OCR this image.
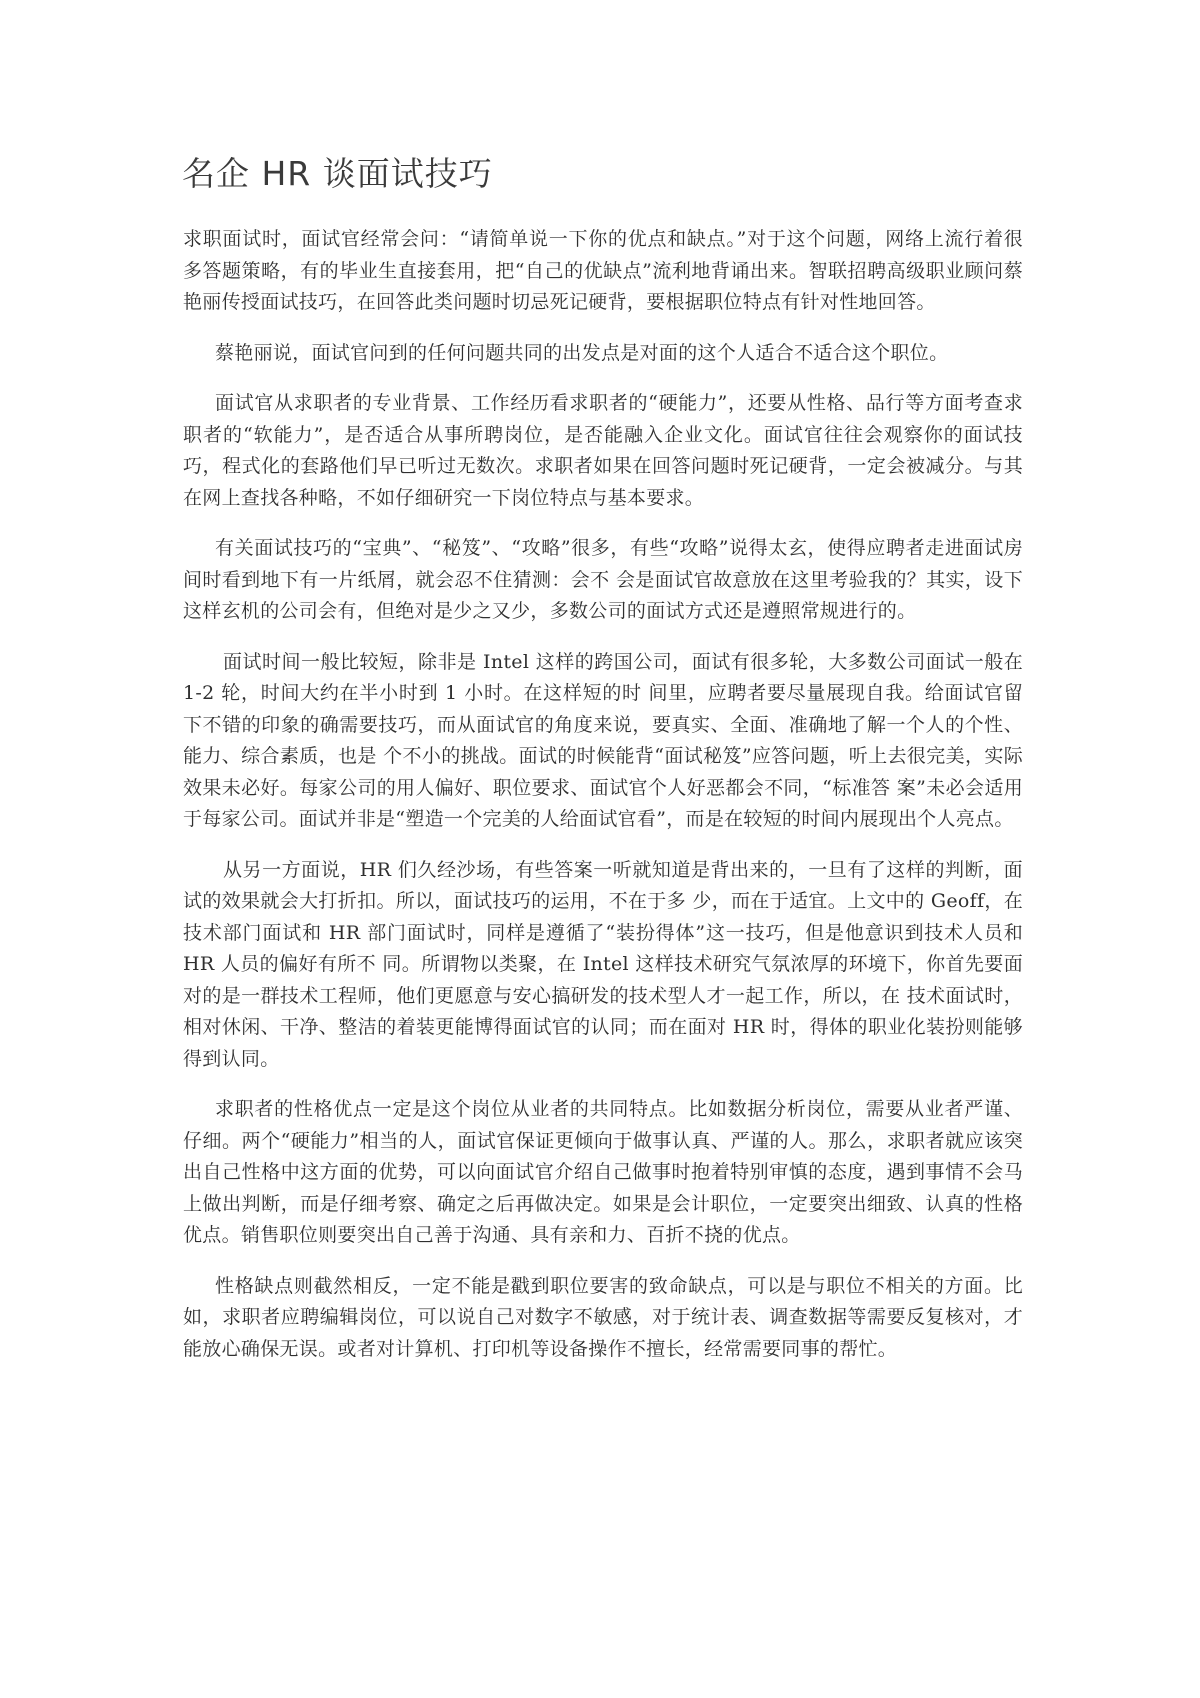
名企 HR 谈面试技巧

求职面试时，面试官经常会问：“请简单说一下你的优点和缺点。”对于这个问题，网络上流行着很多答题策略，有的毕业生直接套用，把“自己的优缺点”流利地背诵出来。智联招聘高级职业顾问蔡艳丽传授面试技巧，在回答此类问题时切忌死记硬背，要根据职位特点有针对性地回答。

蔡艳丽说，面试官问到的任何问题共同的出发点是对面的这个人适合不适合这个职位。

面试官从求职者的专业背景、工作经历看求职者的“硬能力”，还要从性格、品行等方面考查求职者的“软能力”，是否适合从事所聘岗位，是否能融入企业文化。面试官往往会观察你的面试技巧，程式化的套路他们早已听过无数次。求职者如果在回答问题时死记硬背，一定会被减分。与其在网上查找各种略，不如仔细研究一下岗位特点与基本要求。

有关面试技巧的“宝典”、“秘笈”、“攻略”很多，有些“攻略”说得太玄，使得应聘者走进面试房间时看到地下有一片纸屑，就会忍不住猜测：会不 会是面试官故意放在这里考验我的？其实，设下这样玄机的公司会有，但绝对是少之又少，多数公司的面试方式还是遵照常规进行的。

面试时间一般比较短，除非是 Intel 这样的跨国公司，面试有很多轮，大多数公司面试一般在 1-2 轮，时间大约在半小时到 1 小时。在这样短的时 间里，应聘者要尽量展现自我。给面试官留下不错的印象的确需要技巧，而从面试官的角度来说，要真实、全面、准确地了解一个人的个性、能力、综合素质，也是 个不小的挑战。面试的时候能背“面试秘笈”应答问题，听上去很完美，实际效果未必好。每家公司的用人偏好、职位要求、面试官个人好恶都会不同，“标准答 案”未必会适用于每家公司。面试并非是“塑造一个完美的人给面试官看”，而是在较短的时间内展现出个人亮点。

从另一方面说，HR 们久经沙场，有些答案一听就知道是背出来的，一旦有了这样的判断，面试的效果就会大打折扣。所以，面试技巧的运用，不在于多 少，而在于适宜。上文中的 Geoff，在技术部门面试和 HR 部门面试时，同样是遵循了“装扮得体”这一技巧，但是他意识到技术人员和 HR 人员的偏好有所不 同。所谓物以类聚，在 Intel 这样技术研究气氛浓厚的环境下，你首先要面对的是一群技术工程师，他们更愿意与安心搞研发的技术型人才一起工作，所以，在 技术面试时，相对休闲、干净、整洁的着装更能博得面试官的认同；而在面对 HR 时，得体的职业化装扮则能够得到认同。

求职者的性格优点一定是这个岗位从业者的共同特点。比如数据分析岗位，需要从业者严谨、仔细。两个“硬能力”相当的人，面试官保证更倾向于做事认真、严谨的人。那么，求职者就应该突出自己性格中这方面的优势，可以向面试官介绍自己做事时抱着特别审慎的态度，遇到事情不会马上做出判断，而是仔细考察、确定之后再做决定。如果是会计职位，一定要突出细致、认真的性格优点。销售职位则要突出自己善于沟通、具有亲和力、百折不挠的优点。

性格缺点则截然相反，一定不能是戳到职位要害的致命缺点，可以是与职位不相关的方面。比如，求职者应聘编辑岗位，可以说自己对数字不敏感，对于统计表、调查数据等需要反复核对，才能放心确保无误。或者对计算机、打印机等设备操作不擅长，经常需要同事的帮忙。
